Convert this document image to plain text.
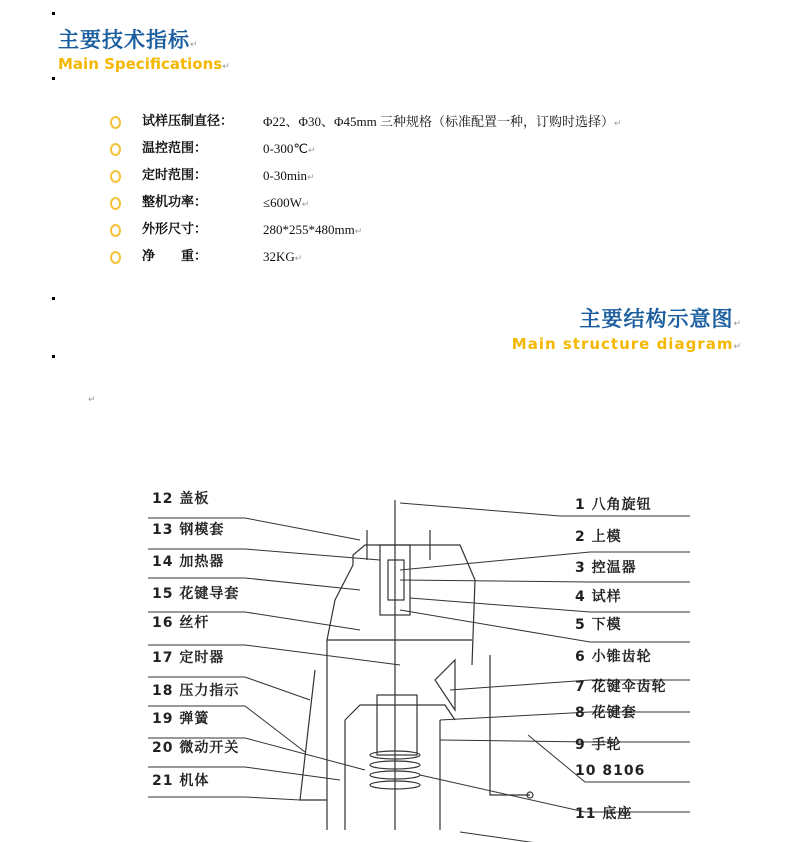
主要技术指标↵
Main Specifications↵
试样压制直径： Φ22、Φ30、Φ45mm 三种规格（标准配置一种，订购时选择）↵
温控范围：	0-300℃↵
定时范围：	0-30min↵
整机功率：	≤600W↵
外形尺寸：	280*255*480mm↵
净　　重：	32KG↵
主要结构示意图↵
Main structure diagram↵
↵
12 盖板
13 钢模套
14 加热器
15 花键导套
16 丝杆
17 定时器
18 压力指示
19 弹簧
20 微动开关
21 机体
1 八角旋钮
2 上模
3 控温器
4 试样
5 下模
6 小锥齿轮
7 花键伞齿轮
8 花键套
9 手轮
10 8106
11 底座
